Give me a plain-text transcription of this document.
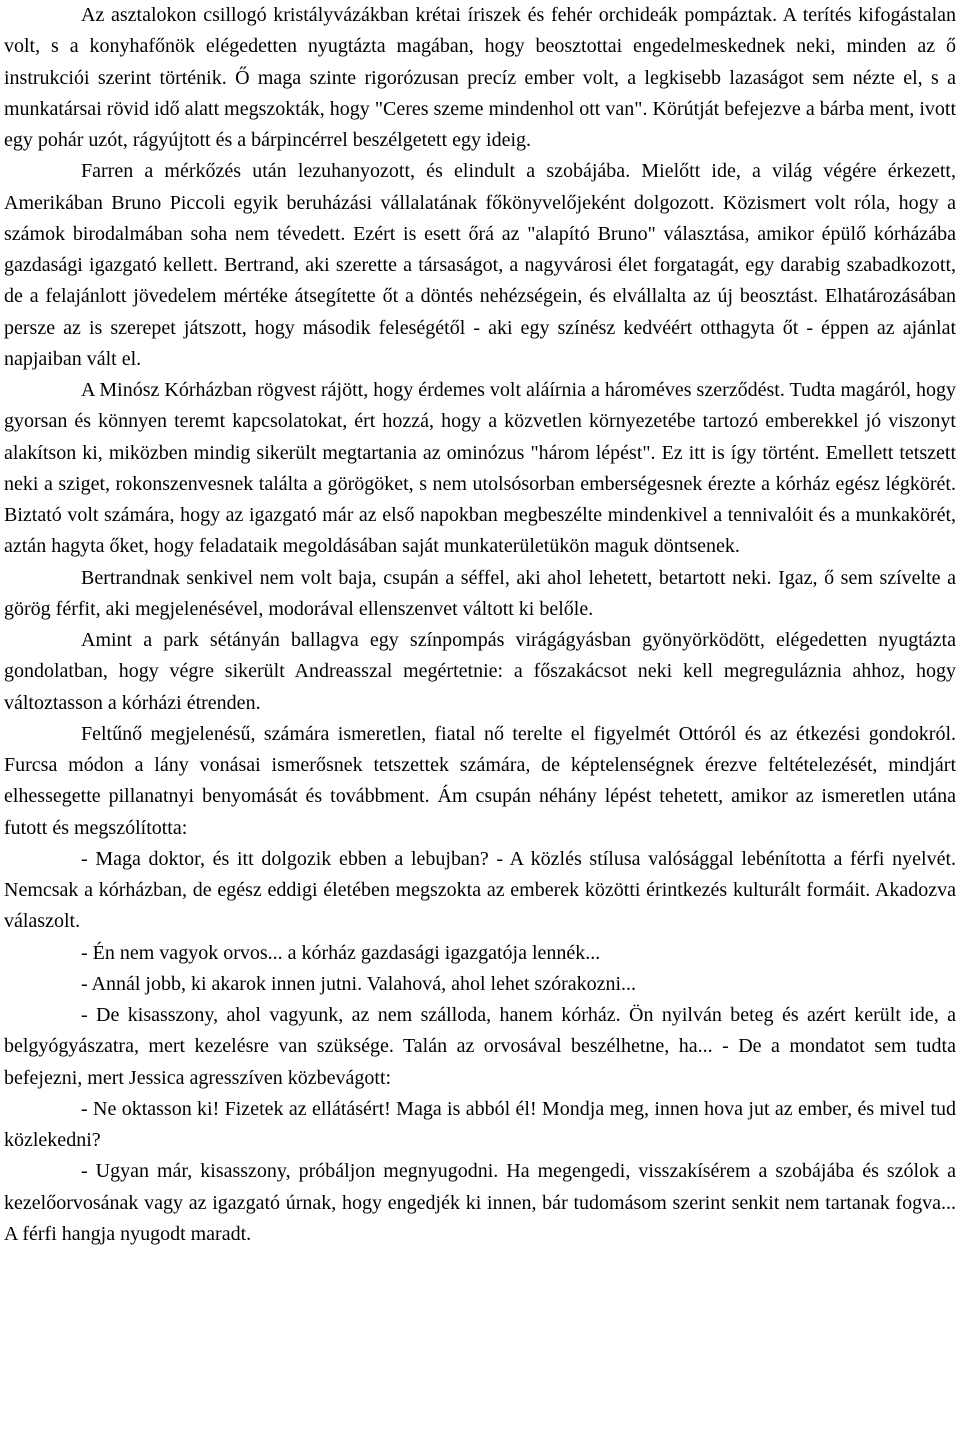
Az asztalokon csillogó kristályvázákban krétai íriszek és fehér orchideák pompáztak. A terítés kifogástalan volt, s a konyhafőnök elégedetten nyugtázta magában, hogy beosztottai engedelmeskednek neki, minden az ő instrukciói szerint történik. Ő maga szinte rigorózusan precíz ember volt, a legkisebb lazaságot sem nézte el, s a munkatársai rövid idő alatt megszokták, hogy "Ceres szeme mindenhol ott van". Körútját befejezve a bárba ment, ivott egy pohár uzót, rágyújtott és a bárpincérrel beszélgetett egy ideig.

Farren a mérkőzés után lezuhanyozott, és elindult a szobájába. Mielőtt ide, a világ végére érkezett, Amerikában Bruno Piccoli egyik beruházási vállalatának főkönyvelőjeként dolgozott. Közismert volt róla, hogy a számok birodalmában soha nem tévedett. Ezért is esett őrá az "alapító Bruno" választása, amikor épülő kórházába gazdasági igazgató kellett. Bertrand, aki szerette a társaságot, a nagyvárosi élet forgatagát, egy darabig szabadkozott, de a felajánlott jövedelem mértéke átsegítette őt a döntés nehézségein, és elvállalta az új beosztást. Elhatározásában persze az is szerepet játszott, hogy második feleségétől - aki egy színész kedvéért otthagyta őt - éppen az ajánlat napjaiban vált el.

A Minósz Kórházban rögvest rájött, hogy érdemes volt aláírnia a hároméves szerződést. Tudta magáról, hogy gyorsan és könnyen teremt kapcsolatokat, ért hozzá, hogy a közvetlen környezetébe tartozó emberekkel jó viszonyt alakítson ki, miközben mindig sikerült megtartania az ominózus "három lépést". Ez itt is így történt. Emellett tetszett neki a sziget, rokonszenvesnek találta a görögöket, s nem utolsósorban emberségesnek érezte a kórház egész légkörét. Biztató volt számára, hogy az igazgató már az első napokban megbeszélte mindenkivel a tennivalóit és a munkakörét, aztán hagyta őket, hogy feladataik megoldásában saját munkaterületükön maguk döntsenek.

Bertrandnak senkivel nem volt baja, csupán a séffel, aki ahol lehetett, betartott neki. Igaz, ő sem szívelte a görög férfit, aki megjelenésével, modorával ellenszenvet váltott ki belőle.

Amint a park sétányán ballagva egy színpompás virágágyásban gyönyörködött, elégedetten nyugtázta gondolatban, hogy végre sikerült Andreasszal megértetnie: a főszakácsot neki kell megreguláznia ahhoz, hogy változtasson a kórházi étrenden.

Feltűnő megjelenésű, számára ismeretlen, fiatal nő terelte el figyelmét Ottóról és az étkezési gondokról. Furcsa módon a lány vonásai ismerősnek tetszettek számára, de képtelenségnek érezve feltételezését, mindjárt elhessegette pillanatnyi benyomását és továbbment. Ám csupán néhány lépést tehetett, amikor az ismeretlen utána futott és megszólította:

- Maga doktor, és itt dolgozik ebben a lebujban? - A közlés stílusa valósággal lebénította a férfi nyelvét. Nemcsak a kórházban, de egész eddigi életében megszokta az emberek közötti érintkezés kulturált formáit. Akadozva válaszolt.

- Én nem vagyok orvos... a kórház gazdasági igazgatója lennék...

- Annál jobb, ki akarok innen jutni. Valahová, ahol lehet szórakozni...

- De kisasszony, ahol vagyunk, az nem szálloda, hanem kórház. Ön nyilván beteg és azért került ide, a belgyógyászatra, mert kezelésre van szüksége. Talán az orvosával beszélhetne, ha... - De a mondatot sem tudta befejezni, mert Jessica agresszíven közbevágott:

- Ne oktasson ki! Fizetek az ellátásért! Maga is abból él! Mondja meg, innen hova jut az ember, és mivel tud közlekedni?

- Ugyan már, kisasszony, próbáljon megnyugodni. Ha megengedi, visszakísérem a szobájába és szólok a kezelőorvosának vagy az igazgató úrnak, hogy engedjék ki innen, bár tudomásom szerint senkit nem tartanak fogva... A férfi hangja nyugodt maradt.
